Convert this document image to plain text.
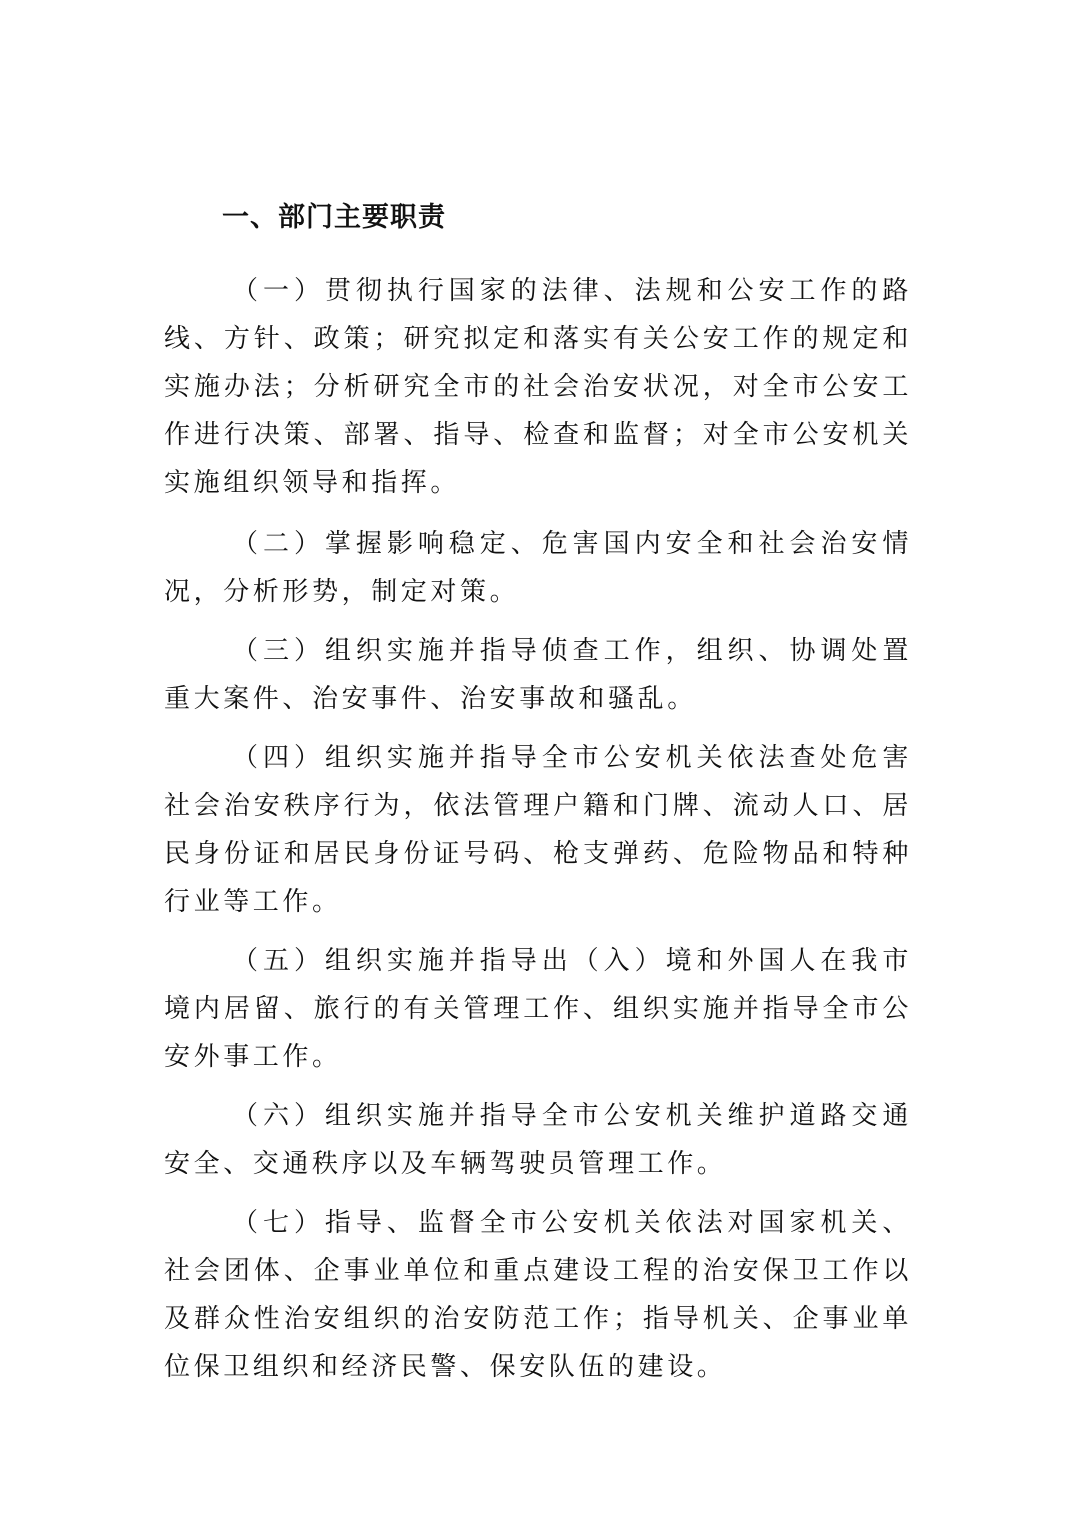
一、部门主要职责

（一）贯彻执行国家的法律、法规和公安工作的路线、方针、政策；研究拟定和落实有关公安工作的规定和实施办法；分析研究全市的社会治安状况，对全市公安工作进行决策、部署、指导、检查和监督；对全市公安机关实施组织领导和指挥。

（二）掌握影响稳定、危害国内安全和社会治安情况，分析形势，制定对策。

（三）组织实施并指导侦查工作，组织、协调处置重大案件、治安事件、治安事故和骚乱。

（四）组织实施并指导全市公安机关依法查处危害社会治安秩序行为，依法管理户籍和门牌、流动人口、居民身份证和居民身份证号码、枪支弹药、危险物品和特种行业等工作。

（五）组织实施并指导出（入）境和外国人在我市境内居留、旅行的有关管理工作、组织实施并指导全市公安外事工作。

（六）组织实施并指导全市公安机关维护道路交通安全、交通秩序以及车辆驾驶员管理工作。

（七）指导、监督全市公安机关依法对国家机关、社会团体、企事业单位和重点建设工程的治安保卫工作以及群众性治安组织的治安防范工作；指导机关、企事业单位保卫组织和经济民警、保安队伍的建设。
